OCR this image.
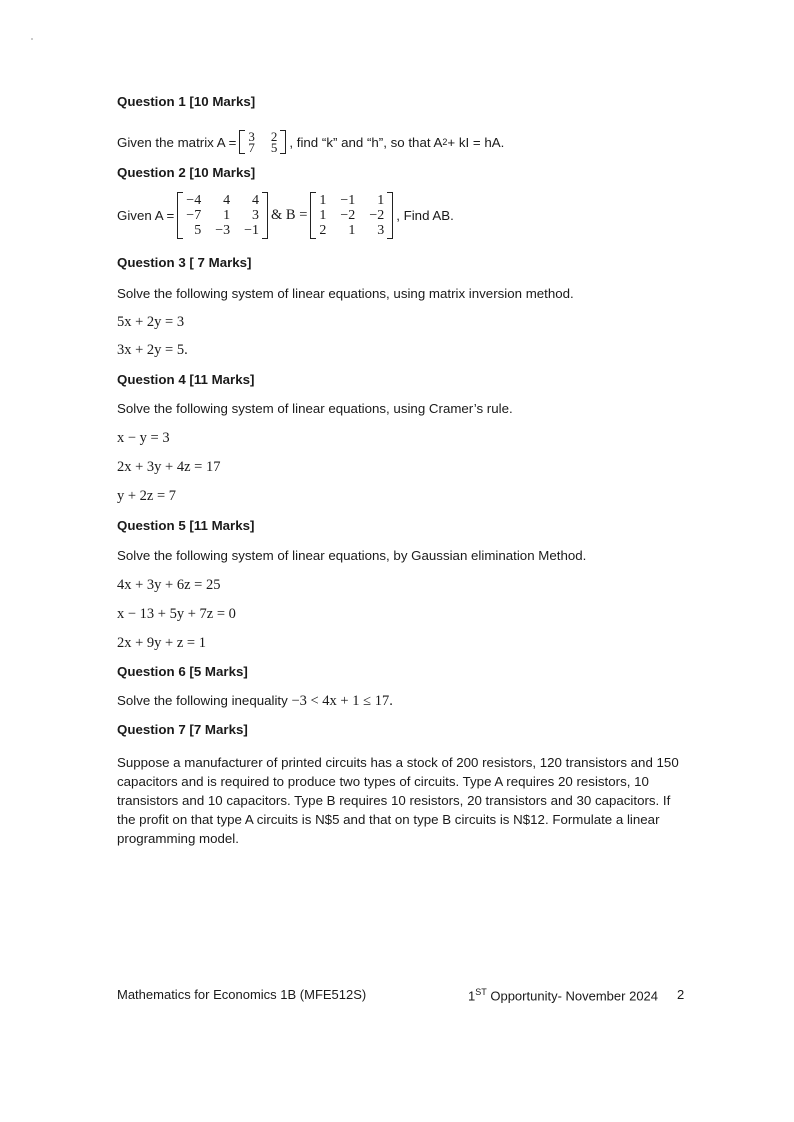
Question 1 [10 Marks]
Given the matrix A = 3 2
7 5 , find “k” and “h”, so that A 2 + kI = hA.
Question 2 [10 Marks]
Given A =
−4	4	4
−7	1	3
5 −3 −1
& B =
1 −1	1
1 −2 −2
2	1	3
, Find AB.
Question 3 [ 7 Marks]
Solve the following system of linear equations, using matrix inversion method.
5x + 2y = 3
3x + 2y = 5.
Question 4 [11 Marks]
Solve the following system of linear equations, using Cramer’s rule.
x − y = 3
2x + 3y + 4z = 17
y + 2z = 7
Question 5 [11 Marks]
Solve the following system of linear equations, by Gaussian elimination Method.
4x + 3y + 6z = 25
x − 13 + 5y + 7z = 0
2x + 9y + z = 1
Question 6 [5 Marks]
Solve the following inequality −3 < 4x + 1 ≤ 17.
Question 7 [7 Marks]
Suppose a manufacturer of printed circuits has a stock of 200 resistors, 120 transistors and 150 capacitors and is required to produce two types of circuits. Type A requires 20 resistors, 10 transistors and 10 capacitors. Type B requires 10 resistors, 20 transistors and 30 capacitors. If the profit on that type A circuits is N$5 and that on type B circuits is N$12. Formulate a linear programming model.
Mathematics for Economics 1B (MFE512S)	1ST Opportunity- November 2024 2
